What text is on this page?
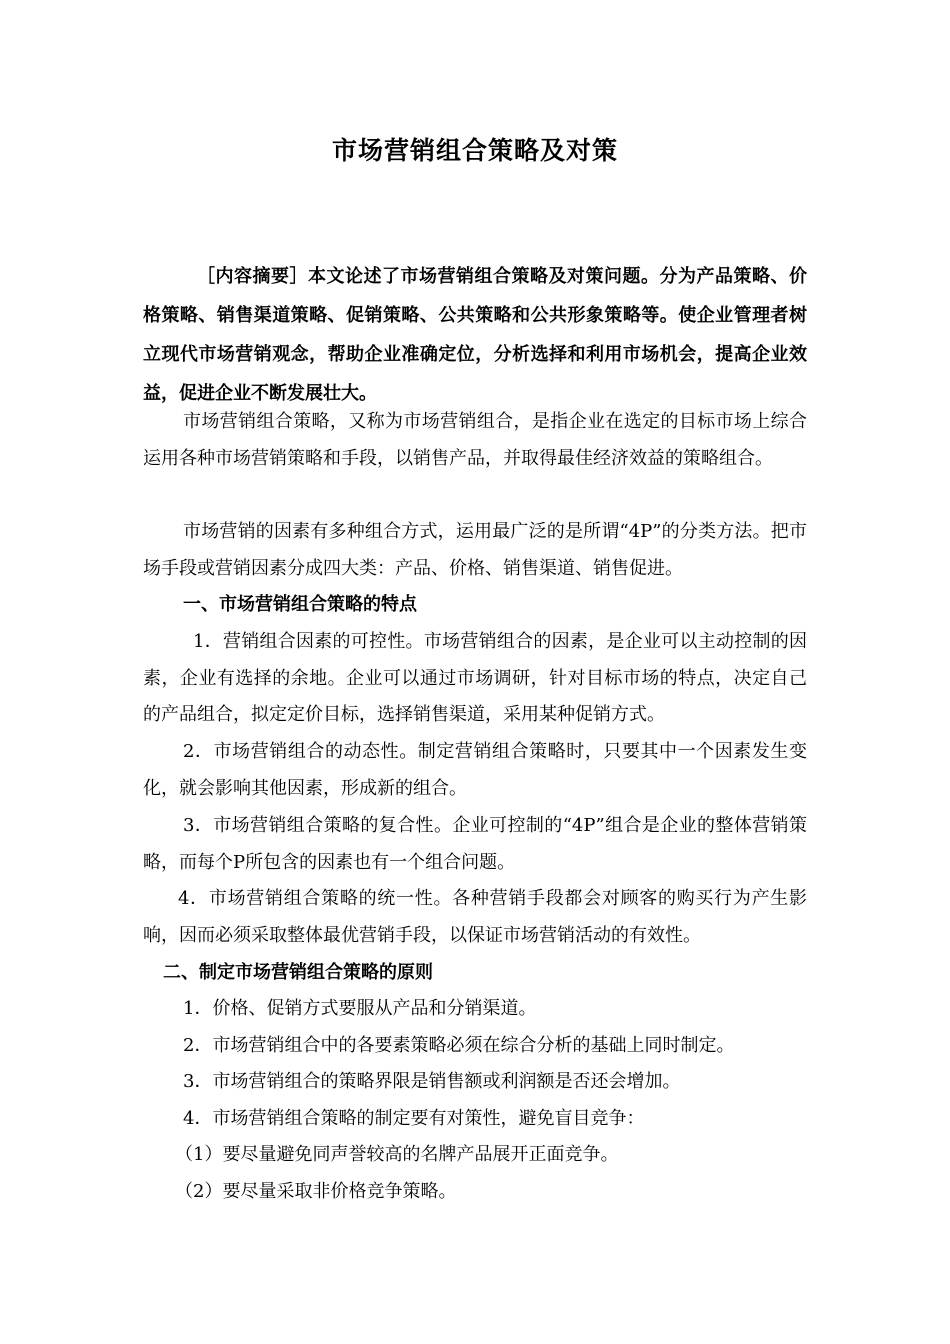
市场营销组合策略及对策

［内容摘要］本文论述了市场营销组合策略及对策问题。分为产品策略、价格策略、销售渠道策略、促销策略、公共策略和公共形象策略等。使企业管理者树立现代市场营销观念，帮助企业准确定位，分析选择和利用市场机会，提高企业效益，促进企业不断发展壮大。

市场营销组合策略，又称为市场营销组合，是指企业在选定的目标市场上综合运用各种市场营销策略和手段，以销售产品，并取得最佳经济效益的策略组合。

市场营销的因素有多种组合方式，运用最广泛的是所谓“4P”的分类方法。把市场手段或营销因素分成四大类：产品、价格、销售渠道、销售促进。

一、市场营销组合策略的特点

1．营销组合因素的可控性。市场营销组合的因素，是企业可以主动控制的因素，企业有选择的余地。企业可以通过市场调研，针对目标市场的特点，决定自己的产品组合，拟定定价目标，选择销售渠道，采用某种促销方式。

2．市场营销组合的动态性。制定营销组合策略时，只要其中一个因素发生变化，就会影响其他因素，形成新的组合。

3．市场营销组合策略的复合性。企业可控制的“4P”组合是企业的整体营销策略，而每个P所包含的因素也有一个组合问题。

4．市场营销组合策略的统一性。各种营销手段都会对顾客的购买行为产生影响，因而必须采取整体最优营销手段，以保证市场营销活动的有效性。

二、制定市场营销组合策略的原则

1．价格、促销方式要服从产品和分销渠道。

2．市场营销组合中的各要素策略必须在综合分析的基础上同时制定。

3．市场营销组合的策略界限是销售额或利润额是否还会增加。

4．市场营销组合策略的制定要有对策性，避免盲目竞争：

（1）要尽量避免同声誉较高的名牌产品展开正面竞争。

（2）要尽量采取非价格竞争策略。
